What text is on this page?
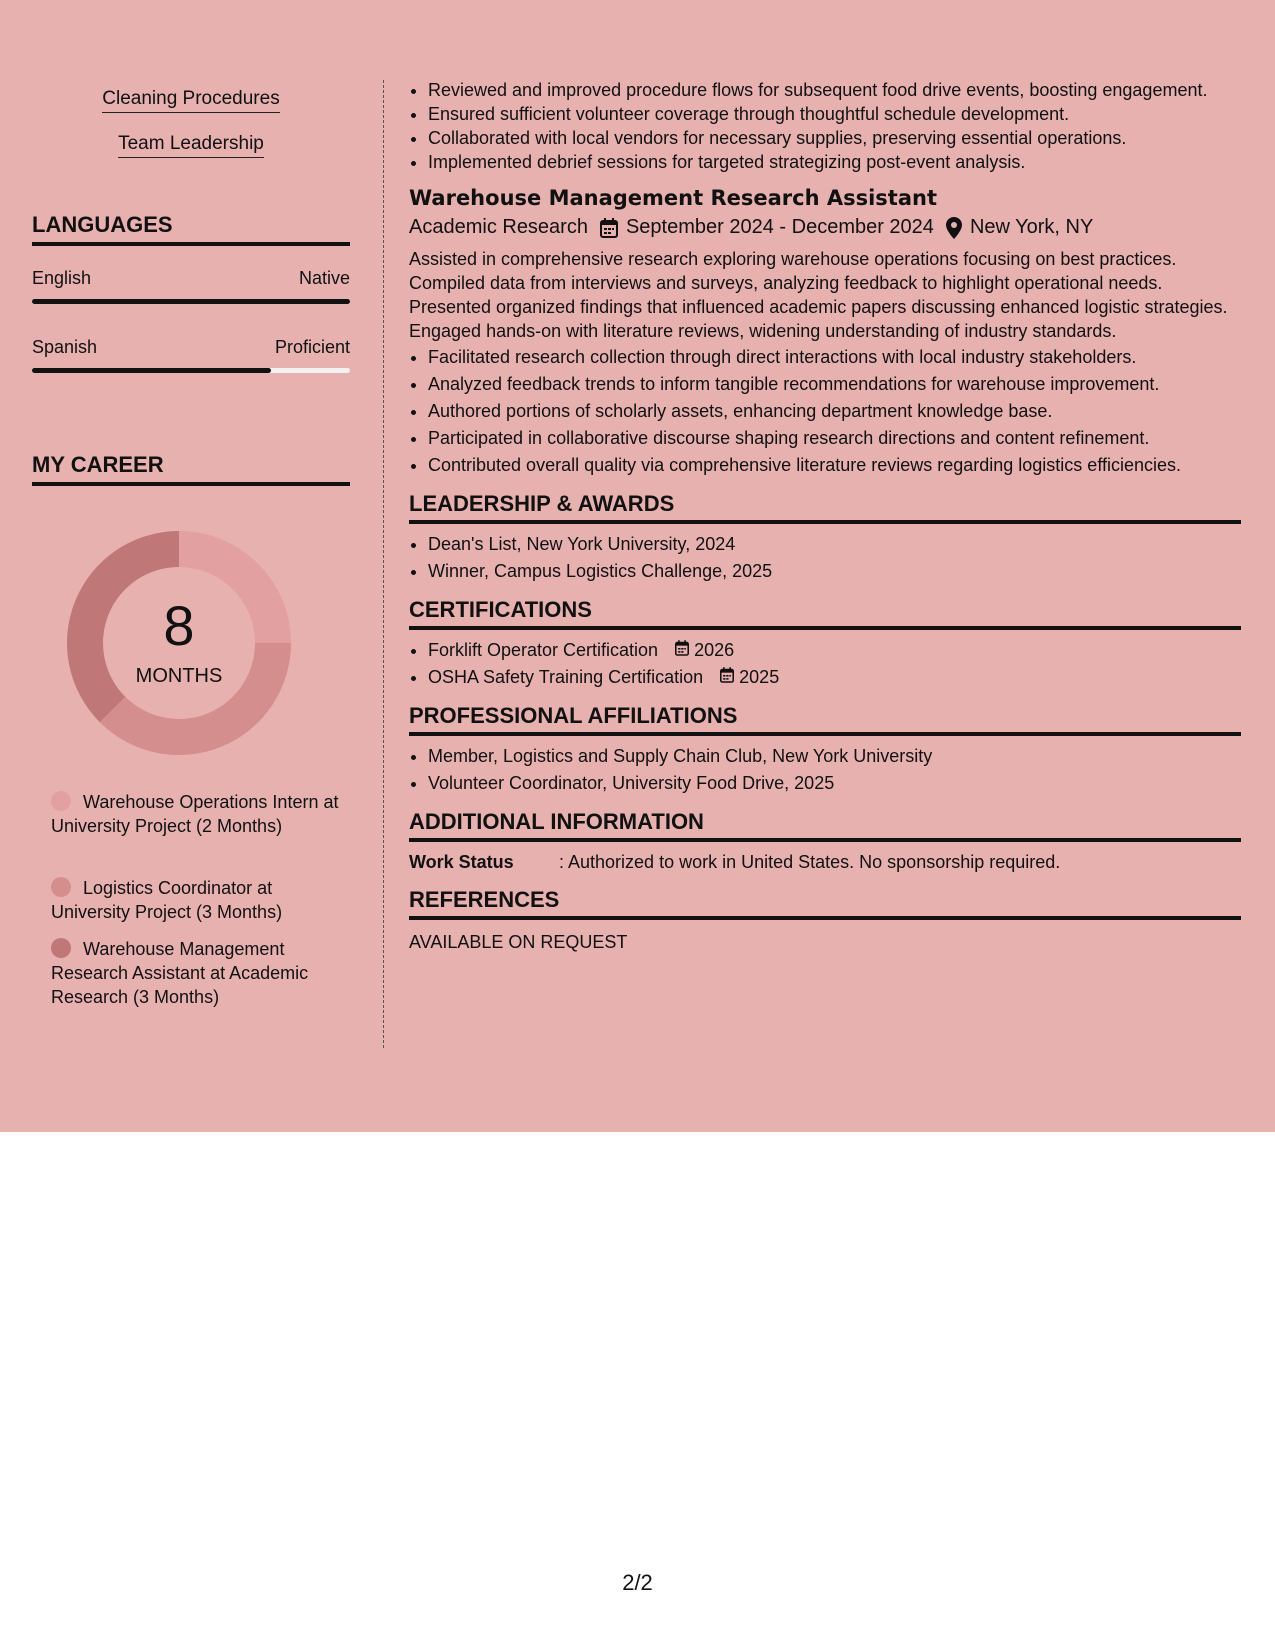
Cleaning Procedures
Team Leadership
LANGUAGES
English	Native
Spanish	Proficient
MY CAREER
8
MONTHS
Warehouse Operations Intern at University Project (2 Months)
Logistics Coordinator at University Project (3 Months)
Warehouse Management Research Assistant at Academic Research (3 Months)
• Reviewed and improved procedure flows for subsequent food drive events, boosting engagement.
• Ensured sufficient volunteer coverage through thoughtful schedule development.
• Collaborated with local vendors for necessary supplies, preserving essential operations.
• Implemented debrief sessions for targeted strategizing post-event analysis.
Warehouse Management Research Assistant
Academic Research September 2024 - December 2024 New York, NY
Assisted in comprehensive research exploring warehouse operations focusing on best practices. Compiled data from interviews and surveys, analyzing feedback to highlight operational needs. Presented organized findings that influenced academic papers discussing enhanced logistic strategies. Engaged hands-on with literature reviews, widening understanding of industry standards.
• Facilitated research collection through direct interactions with local industry stakeholders.
• Analyzed feedback trends to inform tangible recommendations for warehouse improvement.
• Authored portions of scholarly assets, enhancing department knowledge base.
• Participated in collaborative discourse shaping research directions and content refinement.
• Contributed overall quality via comprehensive literature reviews regarding logistics efficiencies.
LEADERSHIP & AWARDS
• Dean's List, New York University, 2024
• Winner, Campus Logistics Challenge, 2025
CERTIFICATIONS
• Forklift Operator Certification 2026
• OSHA Safety Training Certification 2025
PROFESSIONAL AFFILIATIONS
• Member, Logistics and Supply Chain Club, New York University
• Volunteer Coordinator, University Food Drive, 2025
ADDITIONAL INFORMATION
Work Status	: Authorized to work in United States. No sponsorship required.
REFERENCES
AVAILABLE ON REQUEST
2/2
